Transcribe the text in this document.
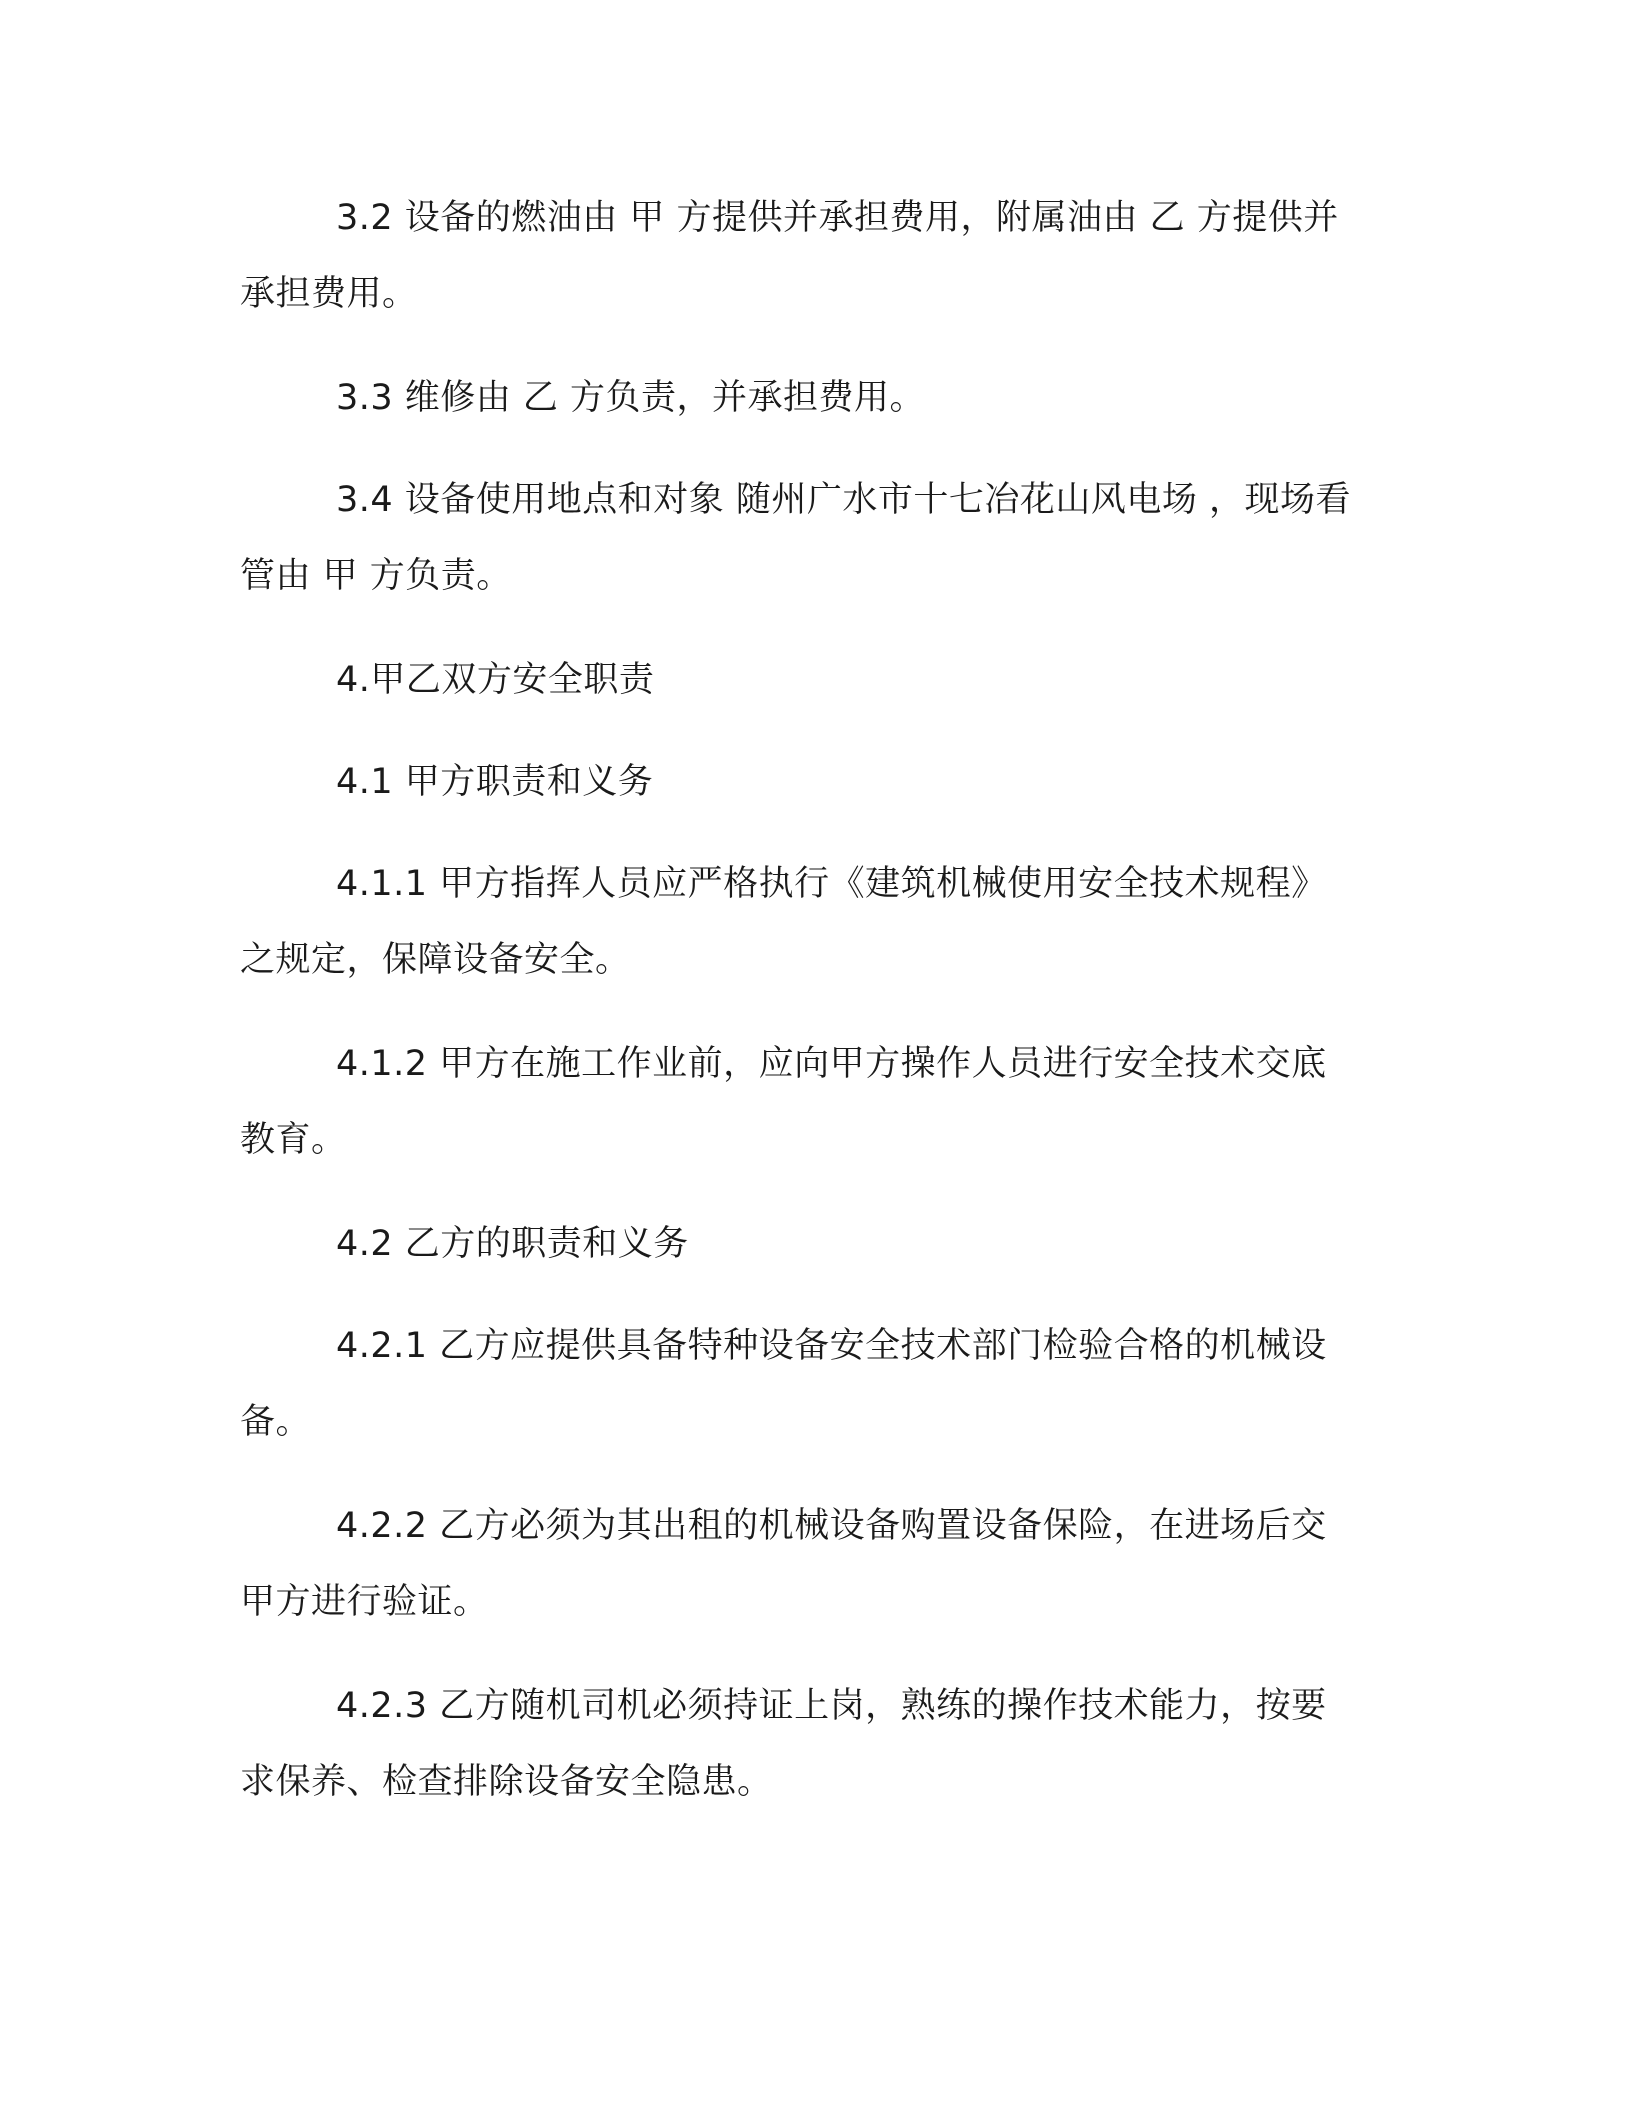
3.2 设备的燃油由 甲 方提供并承担费用，附属油由 乙 方提供并
承担费用。
3.3 维修由 乙 方负责，并承担费用。
3.4 设备使用地点和对象 随州广水市十七冶花山风电场 ，现场看
管由 甲 方负责。
4.甲乙双方安全职责
4.1 甲方职责和义务
4.1.1 甲方指挥人员应严格执行《建筑机械使用安全技术规程》
之规定，保障设备安全。
4.1.2 甲方在施工作业前，应向甲方操作人员进行安全技术交底
教育。
4.2 乙方的职责和义务
4.2.1 乙方应提供具备特种设备安全技术部门检验合格的机械设
备。
4.2.2 乙方必须为其出租的机械设备购置设备保险，在进场后交
甲方进行验证。
4.2.3 乙方随机司机必须持证上岗，熟练的操作技术能力，按要
求保养、检查排除设备安全隐患。
